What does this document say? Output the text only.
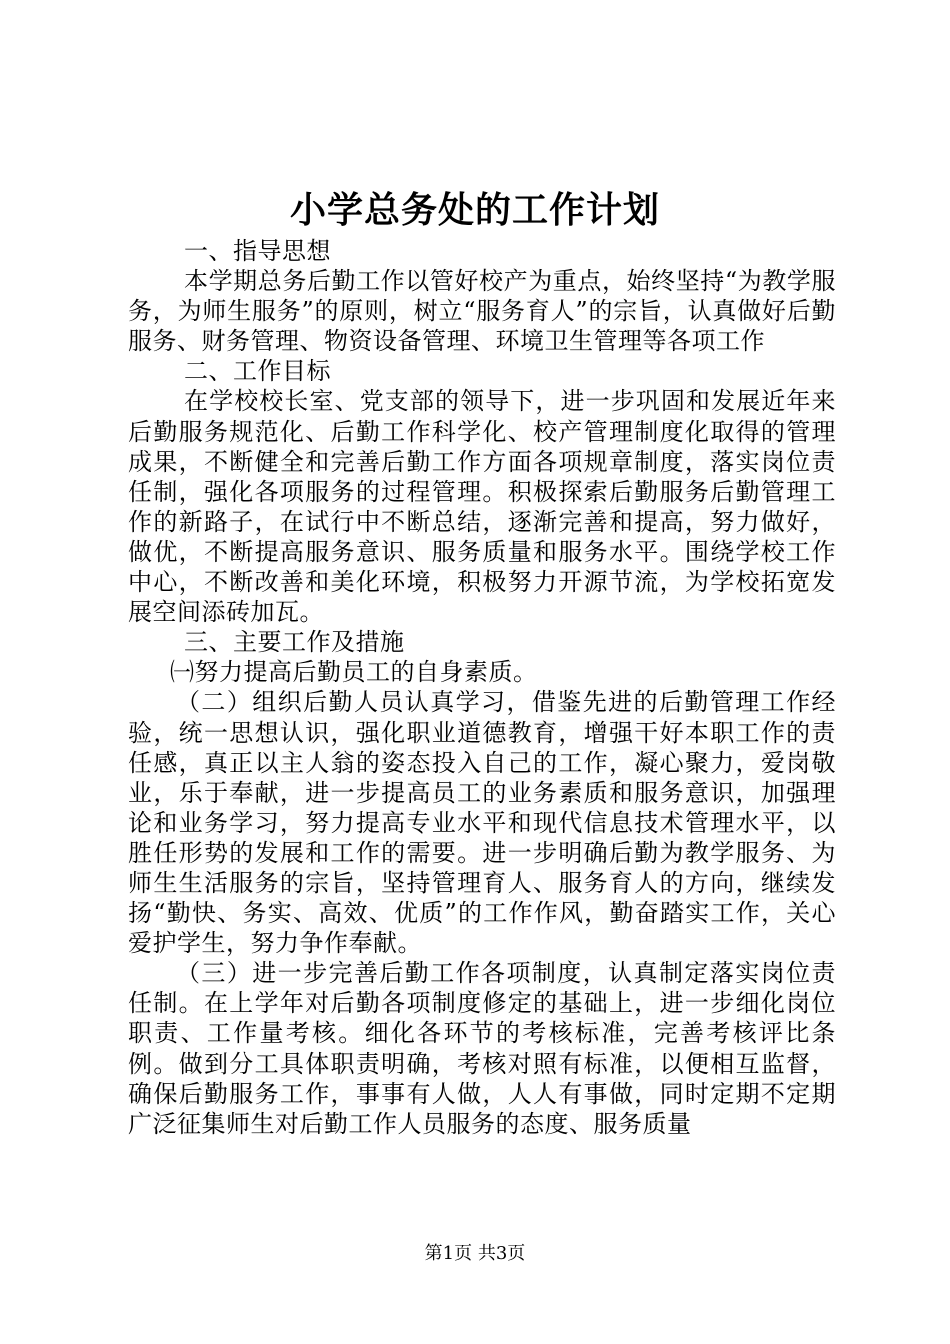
小学总务处的工作计划

一、指导思想

本学期总务后勤工作以管好校产为重点，始终坚持“为教学服务，为师生服务”的原则，树立“服务育人”的宗旨，认真做好后勤服务、财务管理、物资设备管理、环境卫生管理等各项工作

二、工作目标

在学校校长室、党支部的领导下，进一步巩固和发展近年来后勤服务规范化、后勤工作科学化、校产管理制度化取得的管理成果，不断健全和完善后勤工作方面各项规章制度，落实岗位责任制，强化各项服务的过程管理。积极探索后勤服务后勤管理工作的新路子，在试行中不断总结，逐渐完善和提高，努力做好，做优，不断提高服务意识、服务质量和服务水平。围绕学校工作中心，不断改善和美化环境，积极努力开源节流，为学校拓宽发展空间添砖加瓦。

三、主要工作及措施

㈠努力提高后勤员工的自身素质。

（二）组织后勤人员认真学习，借鉴先进的后勤管理工作经验，统一思想认识，强化职业道德教育，增强干好本职工作的责任感，真正以主人翁的姿态投入自己的工作，凝心聚力，爱岗敬业，乐于奉献，进一步提高员工的业务素质和服务意识，加强理论和业务学习，努力提高专业水平和现代信息技术管理水平，以胜任形势的发展和工作的需要。进一步明确后勤为教学服务、为师生生活服务的宗旨，坚持管理育人、服务育人的方向，继续发扬“勤快、务实、高效、优质”的工作作风，勤奋踏实工作，关心爱护学生，努力争作奉献。

（三）进一步完善后勤工作各项制度，认真制定落实岗位责任制。在上学年对后勤各项制度修定的基础上，进一步细化岗位职责、工作量考核。细化各环节的考核标准，完善考核评比条例。做到分工具体职责明确，考核对照有标准，以便相互监督，确保后勤服务工作，事事有人做，人人有事做，同时定期不定期广泛征集师生对后勤工作人员服务的态度、服务质量

第1页 共3页
